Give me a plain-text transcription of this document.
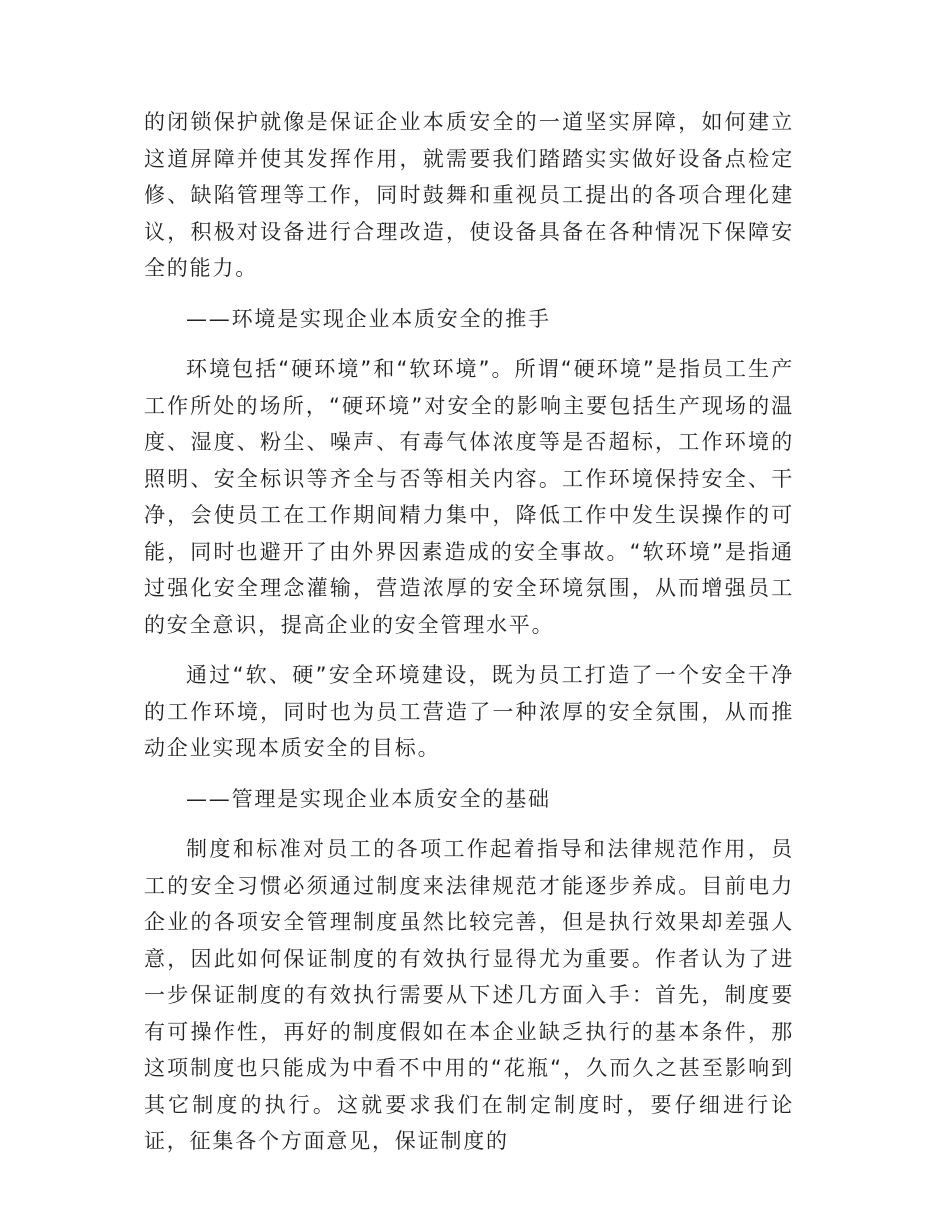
的闭锁保护就像是保证企业本质安全的一道坚实屏障，如何建立这道屏障并使其发挥作用，就需要我们踏踏实实做好设备点检定修、缺陷管理等工作，同时鼓舞和重视员工提出的各项合理化建议，积极对设备进行合理改造，使设备具备在各种情况下保障安全的能力。

——环境是实现企业本质安全的推手

环境包括“硬环境”和“软环境”。所谓“硬环境”是指员工生产工作所处的场所，“硬环境”对安全的影响主要包括生产现场的温度、湿度、粉尘、噪声、有毒气体浓度等是否超标，工作环境的照明、安全标识等齐全与否等相关内容。工作环境保持安全、干净，会使员工在工作期间精力集中，降低工作中发生误操作的可能，同时也避开了由外界因素造成的安全事故。“软环境”是指通过强化安全理念灌输，营造浓厚的安全环境氛围，从而增强员工的安全意识，提高企业的安全管理水平。

通过“软、硬”安全环境建设，既为员工打造了一个安全干净的工作环境，同时也为员工营造了一种浓厚的安全氛围，从而推动企业实现本质安全的目标。

——管理是实现企业本质安全的基础

制度和标准对员工的各项工作起着指导和法律规范作用，员工的安全习惯必须通过制度来法律规范才能逐步养成。目前电力企业的各项安全管理制度虽然比较完善，但是执行效果却差强人意，因此如何保证制度的有效执行显得尤为重要。作者认为了进一步保证制度的有效执行需要从下述几方面入手：首先，制度要有可操作性，再好的制度假如在本企业缺乏执行的基本条件，那这项制度也只能成为中看不中用的“花瓶“，久而久之甚至影响到其它制度的执行。这就要求我们在制定制度时，要仔细进行论证，征集各个方面意见，保证制度的
